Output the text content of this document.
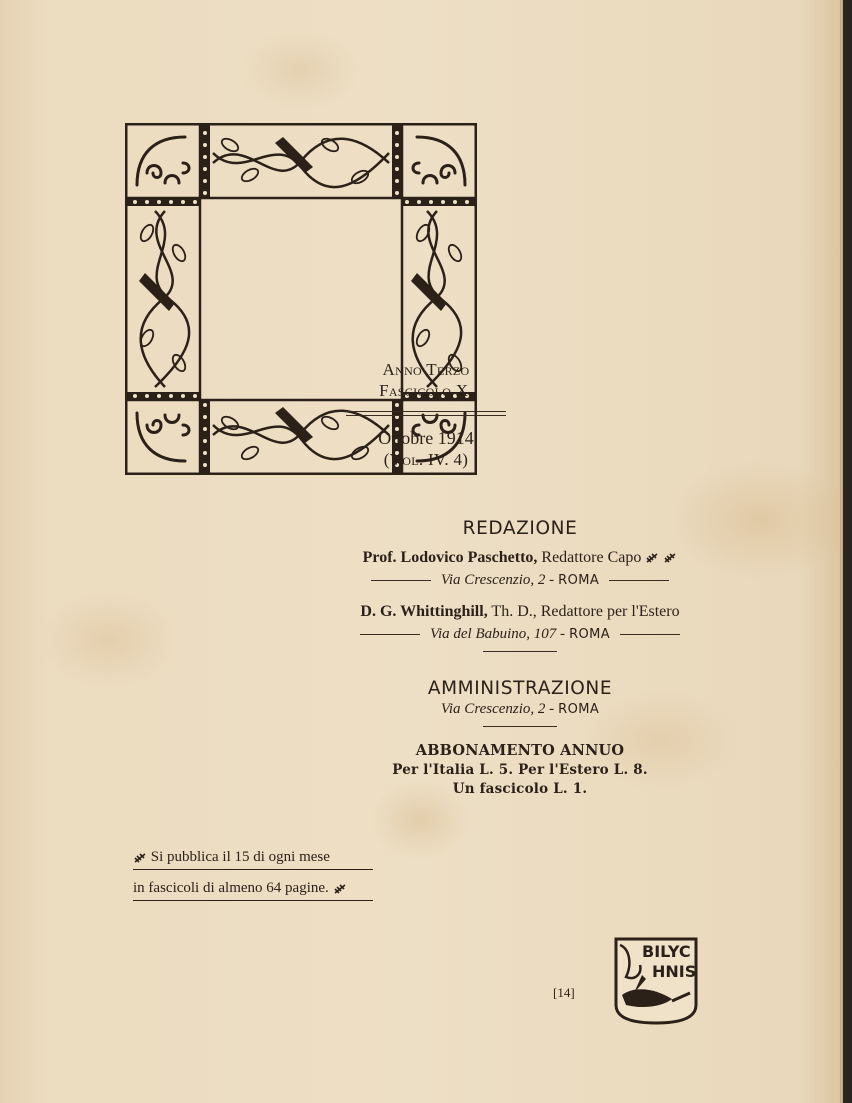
Anno Terzo
Fascicolo X.
Ottobre 1914
(Vol. IV. 4)
REDAZIONE
Prof. Lodovico Paschetto, Redattore Capo
Via Crescenzio, 2 - ROMA
D. G. Whittinghill, Th. D., Redattore per l'Estero
Via del Babuino, 107 - ROMA
AMMINISTRAZIONE
Via Crescenzio, 2 - ROMA
ABBONAMENTO ANNUO
Per l'Italia L. 5. Per l'Estero L. 8.
Un fascicolo L. 1.
Si pubblica il 15 di ogni mese
in fascicoli di almeno 64 pagine.
[14]
BILYC
HNIS
